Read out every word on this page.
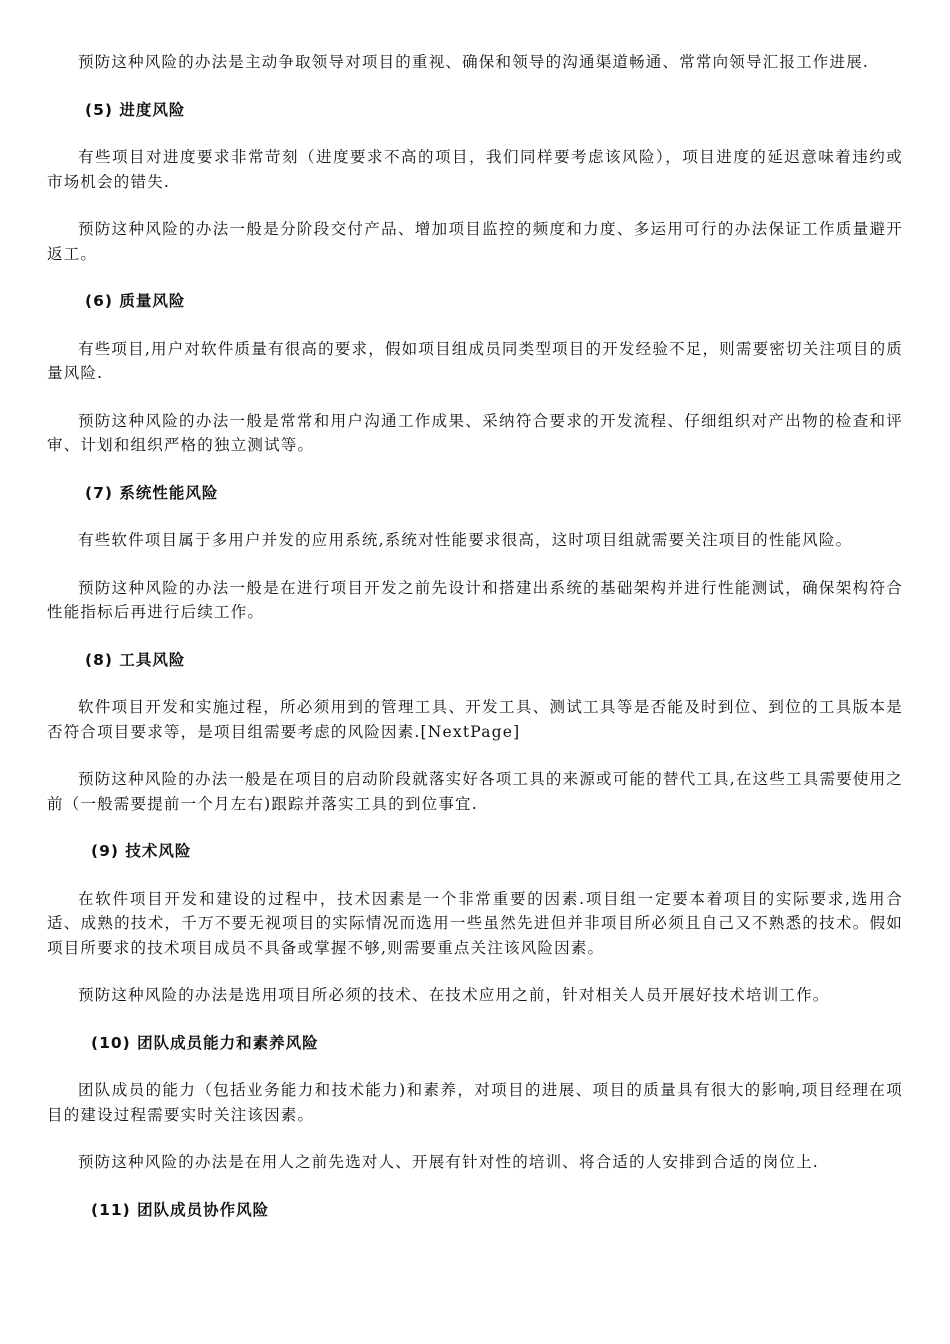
预防这种风险的办法是主动争取领导对项目的重视、确保和领导的沟通渠道畅通、常常向领导汇报工作进展.

(5) 进度风险

有些项目对进度要求非常苛刻（进度要求不高的项目，我们同样要考虑该风险），项目进度的延迟意味着违约或市场机会的错失.

预防这种风险的办法一般是分阶段交付产品、增加项目监控的频度和力度、多运用可行的办法保证工作质量避开返工。

(6) 质量风险

有些项目,用户对软件质量有很高的要求，假如项目组成员同类型项目的开发经验不足，则需要密切关注项目的质量风险.

预防这种风险的办法一般是常常和用户沟通工作成果、采纳符合要求的开发流程、仔细组织对产出物的检查和评审、计划和组织严格的独立测试等。

(7) 系统性能风险

有些软件项目属于多用户并发的应用系统,系统对性能要求很高，这时项目组就需要关注项目的性能风险。

预防这种风险的办法一般是在进行项目开发之前先设计和搭建出系统的基础架构并进行性能测试，确保架构符合性能指标后再进行后续工作。

(8) 工具风险

软件项目开发和实施过程，所必须用到的管理工具、开发工具、测试工具等是否能及时到位、到位的工具版本是否符合项目要求等，是项目组需要考虑的风险因素.[NextPage]

预防这种风险的办法一般是在项目的启动阶段就落实好各项工具的来源或可能的替代工具,在这些工具需要使用之前（一般需要提前一个月左右)跟踪并落实工具的到位事宜.

(9) 技术风险

在软件项目开发和建设的过程中，技术因素是一个非常重要的因素.项目组一定要本着项目的实际要求,选用合适、成熟的技术，千万不要无视项目的实际情况而选用一些虽然先进但并非项目所必须且自己又不熟悉的技术。假如项目所要求的技术项目成员不具备或掌握不够,则需要重点关注该风险因素。

预防这种风险的办法是选用项目所必须的技术、在技术应用之前，针对相关人员开展好技术培训工作。

(10) 团队成员能力和素养风险

团队成员的能力（包括业务能力和技术能力)和素养，对项目的进展、项目的质量具有很大的影响,项目经理在项目的建设过程需要实时关注该因素。

预防这种风险的办法是在用人之前先选对人、开展有针对性的培训、将合适的人安排到合适的岗位上.

(11) 团队成员协作风险
